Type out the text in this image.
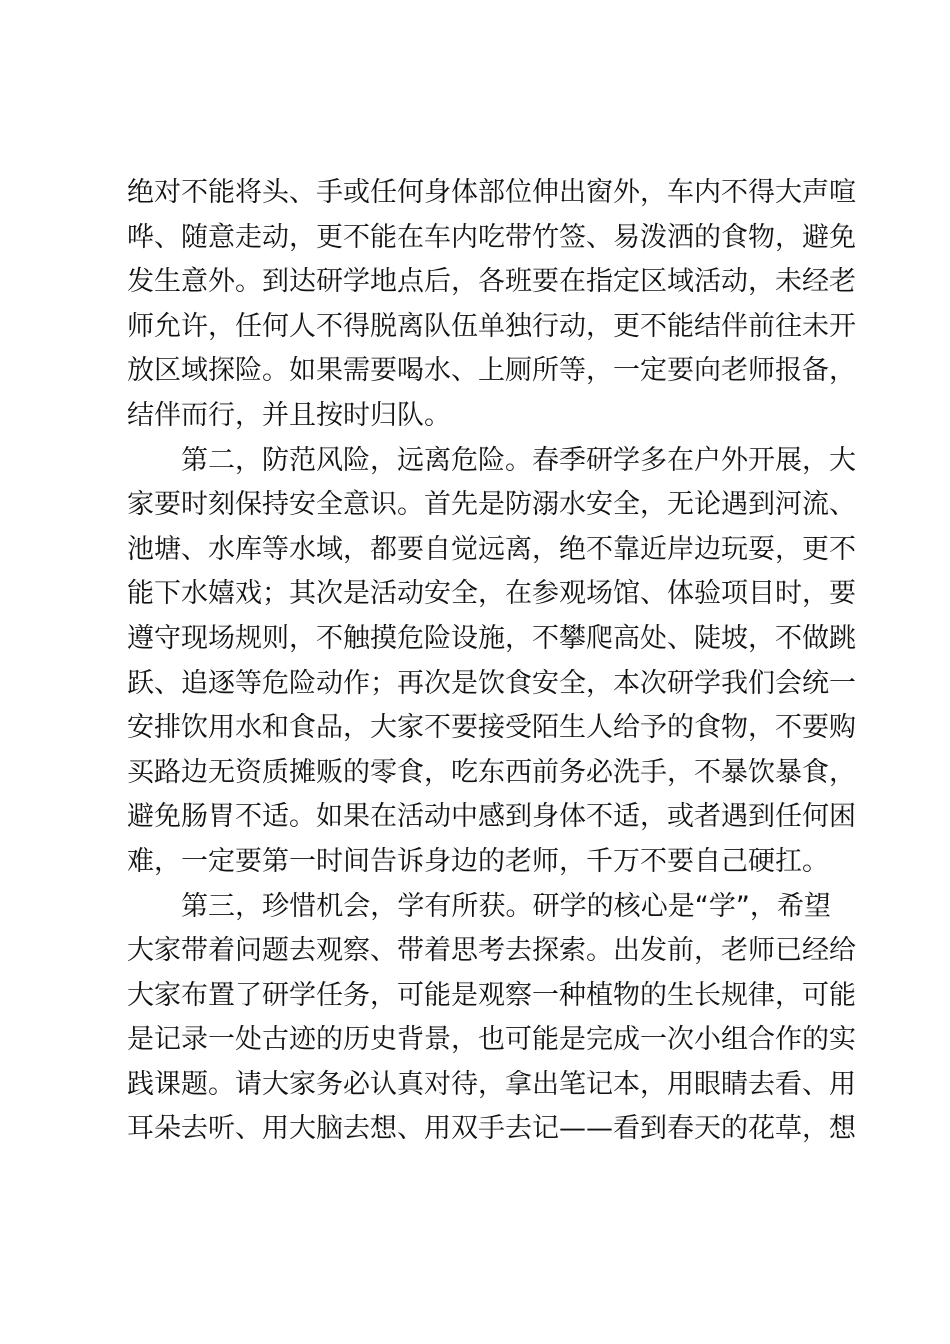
绝对不能将头、手或任何身体部位伸出窗外，车内不得大声喧
哗、随意走动，更不能在车内吃带竹签、易泼洒的食物，避免
发生意外。到达研学地点后，各班要在指定区域活动，未经老
师允许，任何人不得脱离队伍单独行动，更不能结伴前往未开
放区域探险。如果需要喝水、上厕所等，一定要向老师报备，
结伴而行，并且按时归队。
第二，防范风险，远离危险。春季研学多在户外开展，大
家要时刻保持安全意识。首先是防溺水安全，无论遇到河流、
池塘、水库等水域，都要自觉远离，绝不靠近岸边玩耍，更不
能下水嬉戏；其次是活动安全，在参观场馆、体验项目时，要
遵守现场规则，不触摸危险设施，不攀爬高处、陡坡，不做跳
跃、追逐等危险动作；再次是饮食安全，本次研学我们会统一
安排饮用水和食品，大家不要接受陌生人给予的食物，不要购
买路边无资质摊贩的零食，吃东西前务必洗手，不暴饮暴食，
避免肠胃不适。如果在活动中感到身体不适，或者遇到任何困
难，一定要第一时间告诉身边的老师，千万不要自己硬扛。
第三，珍惜机会，学有所获。研学的核心是“学”，希望
大家带着问题去观察、带着思考去探索。出发前，老师已经给
大家布置了研学任务，可能是观察一种植物的生长规律，可能
是记录一处古迹的历史背景，也可能是完成一次小组合作的实
践课题。请大家务必认真对待，拿出笔记本，用眼睛去看、用
耳朵去听、用大脑去想、用双手去记——看到春天的花草，想
